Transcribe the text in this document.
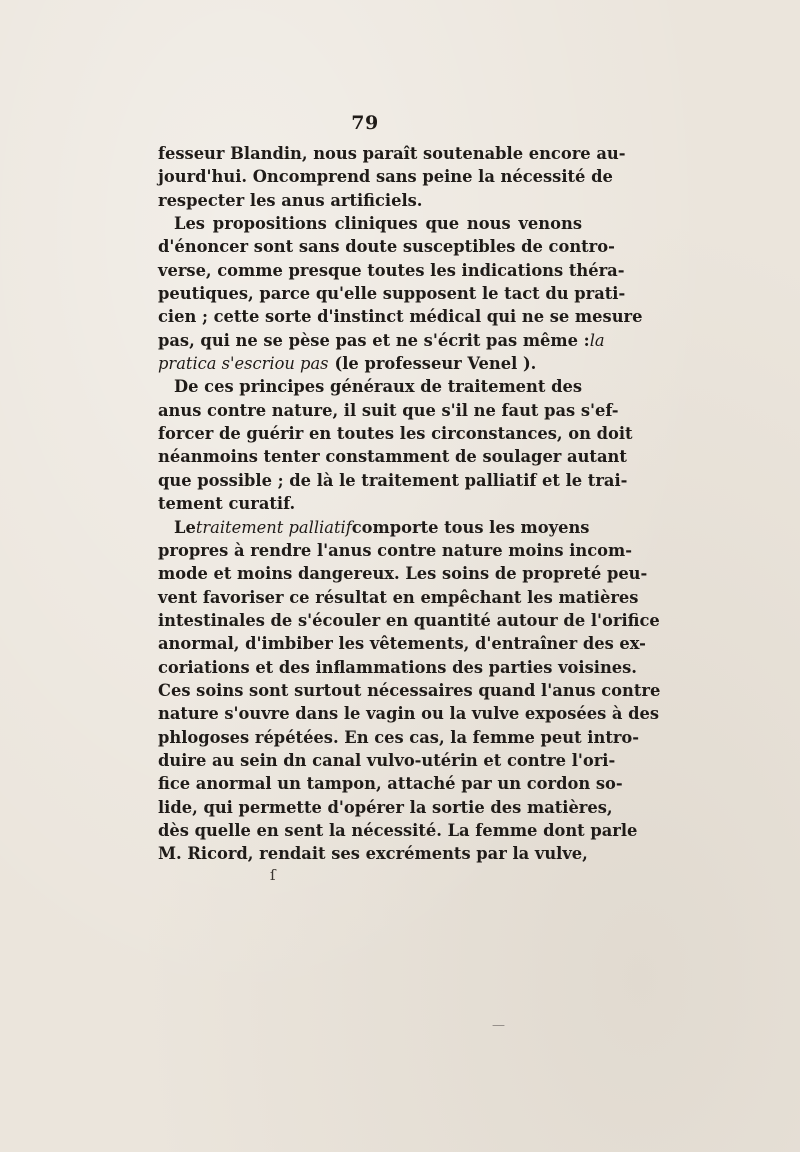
79
fesseur Blandin, nous paraît soutenable encore au-
jourd'hui. Oncomprend sans peine la nécessité de
respecter les anus artificiels.
Les propositions cliniques que nous venons
d'énoncer sont sans doute susceptibles de contro-
verse, comme presque toutes les indications théra-
peutiques, parce qu'elle supposent le tact du prati-
cien ; cette sorte d'instinct médical qui ne se mesure
pas, qui ne se pèse pas et ne s'écrit pas même : la
pratica s'escriou pas (le professeur Venel ).
De ces principes généraux de traitement des
anus contre nature, il suit que s'il ne faut pas s'ef-
forcer de guérir en toutes les circonstances, on doit
néanmoins tenter constamment de soulager autant
que possible ; de là le traitement palliatif et le trai-
tement curatif.
Le traitement palliatif comporte tous les moyens
propres à rendre l'anus contre nature moins incom-
mode et moins dangereux. Les soins de propreté peu-
vent favoriser ce résultat en empêchant les matières
intestinales de s'écouler en quantité autour de l'orifice
anormal, d'imbiber les vêtements, d'entraîner des ex-
coriations et des inflammations des parties voisines.
Ces soins sont surtout nécessaires quand l'anus contre
nature s'ouvre dans le vagin ou la vulve exposées à des
phlogoses répétées. En ces cas, la femme peut intro-
duire au sein dn canal vulvo-utérin et contre l'ori-
fice anormal un tampon, attaché par un cordon so-
lide, qui permette d'opérer la sortie des matières,
dès quelle en sent la nécessité. La femme dont parle
M. Ricord, rendait ses excréments par la vulve,
ſ
—
